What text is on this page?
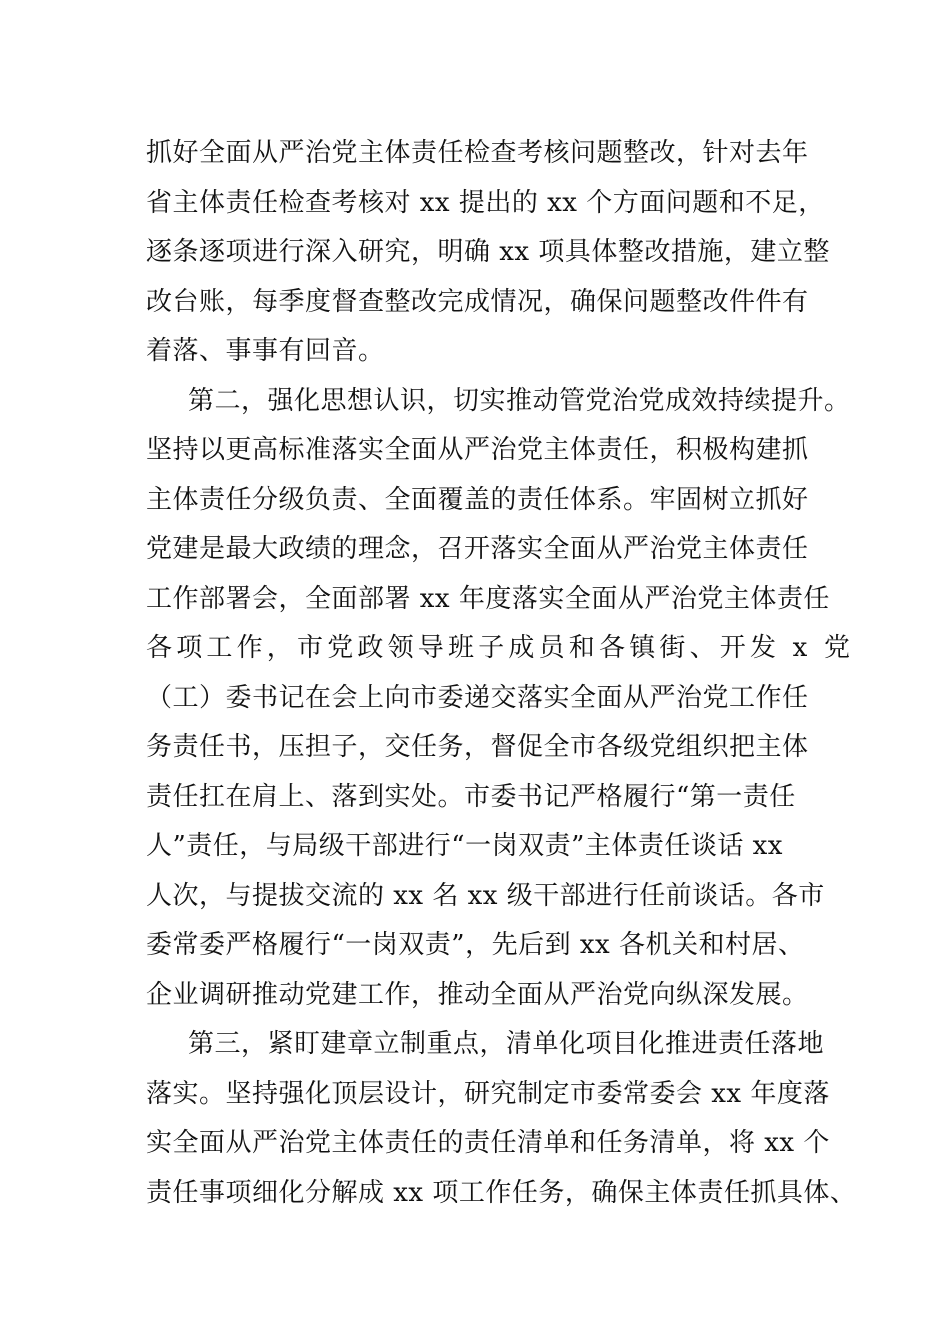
抓好全面从严治党主体责任检查考核问题整改，针对去年
省主体责任检查考核对 xx 提出的 xx 个方面问题和不足，
逐条逐项进行深入研究，明确 xx 项具体整改措施，建立整
改台账，每季度督查整改完成情况，确保问题整改件件有
着落、事事有回音。
第二，强化思想认识，切实推动管党治党成效持续提升。
坚持以更高标准落实全面从严治党主体责任，积极构建抓
主体责任分级负责、全面覆盖的责任体系。牢固树立抓好
党建是最大政绩的理念，召开落实全面从严治党主体责任
工作部署会，全面部署 xx 年度落实全面从严治党主体责任
各项工作，市党政领导班子成员和各镇街、开发 x 党
（工）委书记在会上向市委递交落实全面从严治党工作任
务责任书，压担子，交任务，督促全市各级党组织把主体
责任扛在肩上、落到实处。市委书记严格履行“第一责任
人”责任，与局级干部进行“一岗双责”主体责任谈话 xx
人次，与提拔交流的 xx 名 xx 级干部进行任前谈话。各市
委常委严格履行“一岗双责”，先后到 xx 各机关和村居、
企业调研推动党建工作，推动全面从严治党向纵深发展。
第三，紧盯建章立制重点，清单化项目化推进责任落地
落实。坚持强化顶层设计，研究制定市委常委会 xx 年度落
实全面从严治党主体责任的责任清单和任务清单，将 xx 个
责任事项细化分解成 xx 项工作任务，确保主体责任抓具体、
